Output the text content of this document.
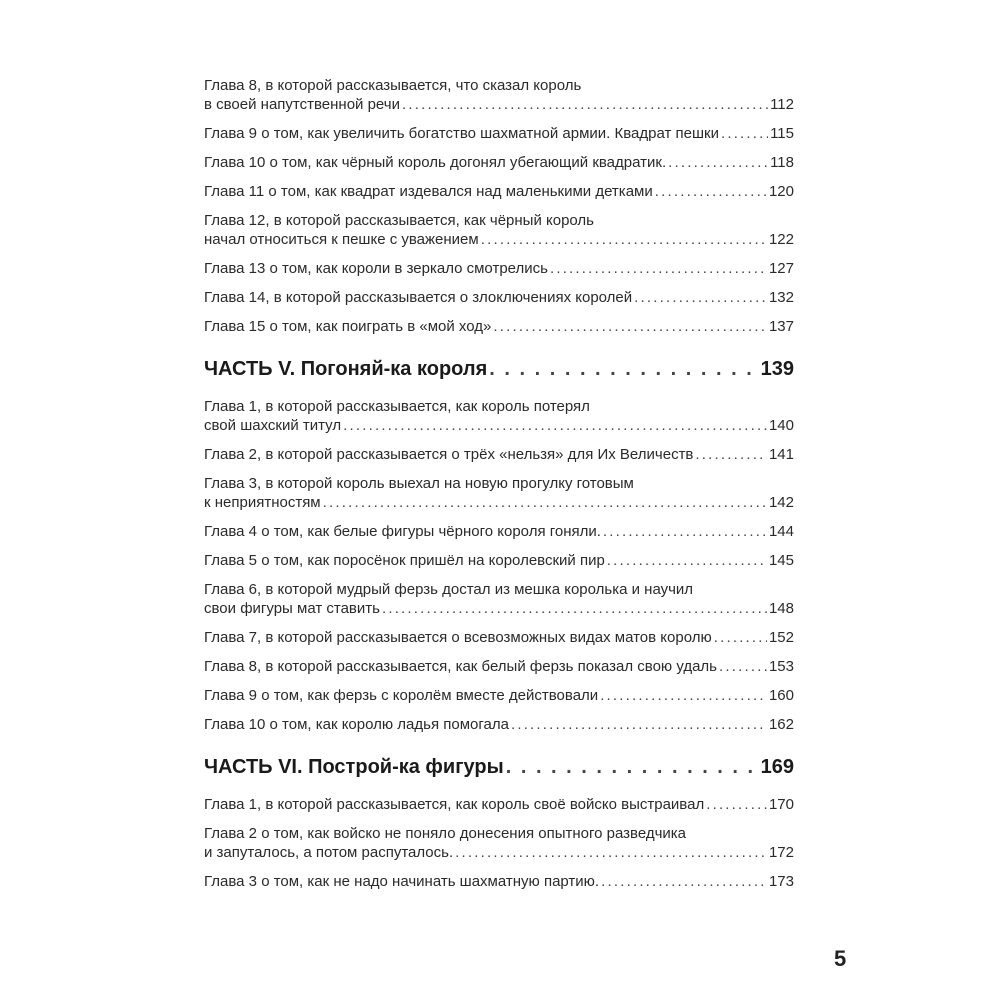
Глава 8, в которой рассказывается, что сказал король
в своей напутственной речи .....	112
Глава 9 о том, как увеличить богатство шахматной армии. Квадрат пешки .....	115
Глава 10 о том, как чёрный король догонял убегающий квадратик. .....	118
Глава 11 о том, как квадрат издевался над маленькими детками .....	120
Глава 12, в которой рассказывается, как чёрный король
начал относиться к пешке с уважением .....	122
Глава 13 о том, как короли в зеркало смотрелись .....	127
Глава 14, в которой рассказывается о злоключениях королей .....	132
Глава 15 о том, как поиграть в «мой ход» .....	137
ЧАСТЬ V. Погоняй-ка короля . . .	139
Глава 1, в которой рассказывается, как король потерял
свой шахский титул .....	140
Глава 2, в которой рассказывается о трёх «нельзя» для Их Величеств .....	141
Глава 3, в которой король выехал на новую прогулку готовым
к неприятностям .....	142
Глава 4 о том, как белые фигуры чёрного короля гоняли. .....	144
Глава 5 о том, как поросёнок пришёл на королевский пир .....	145
Глава 6, в которой мудрый ферзь достал из мешка королька и научил
свои фигуры мат ставить .....	148
Глава 7, в которой рассказывается о всевозможных видах матов королю .....	152
Глава 8, в которой рассказывается, как белый ферзь показал свою удаль .....	153
Глава 9 о том, как ферзь с королём вместе действовали .....	160
Глава 10 о том, как королю ладья помогала .....	162
ЧАСТЬ VI. Построй-ка фигуры . . .	169
Глава 1, в которой рассказывается, как король своё войско выстраивал .....	170
Глава 2 о том, как войско не поняло донесения опытного разведчика
и запуталось, а потом распуталось. .....	172
Глава 3 о том, как не надо начинать шахматную партию. .....	173
5
